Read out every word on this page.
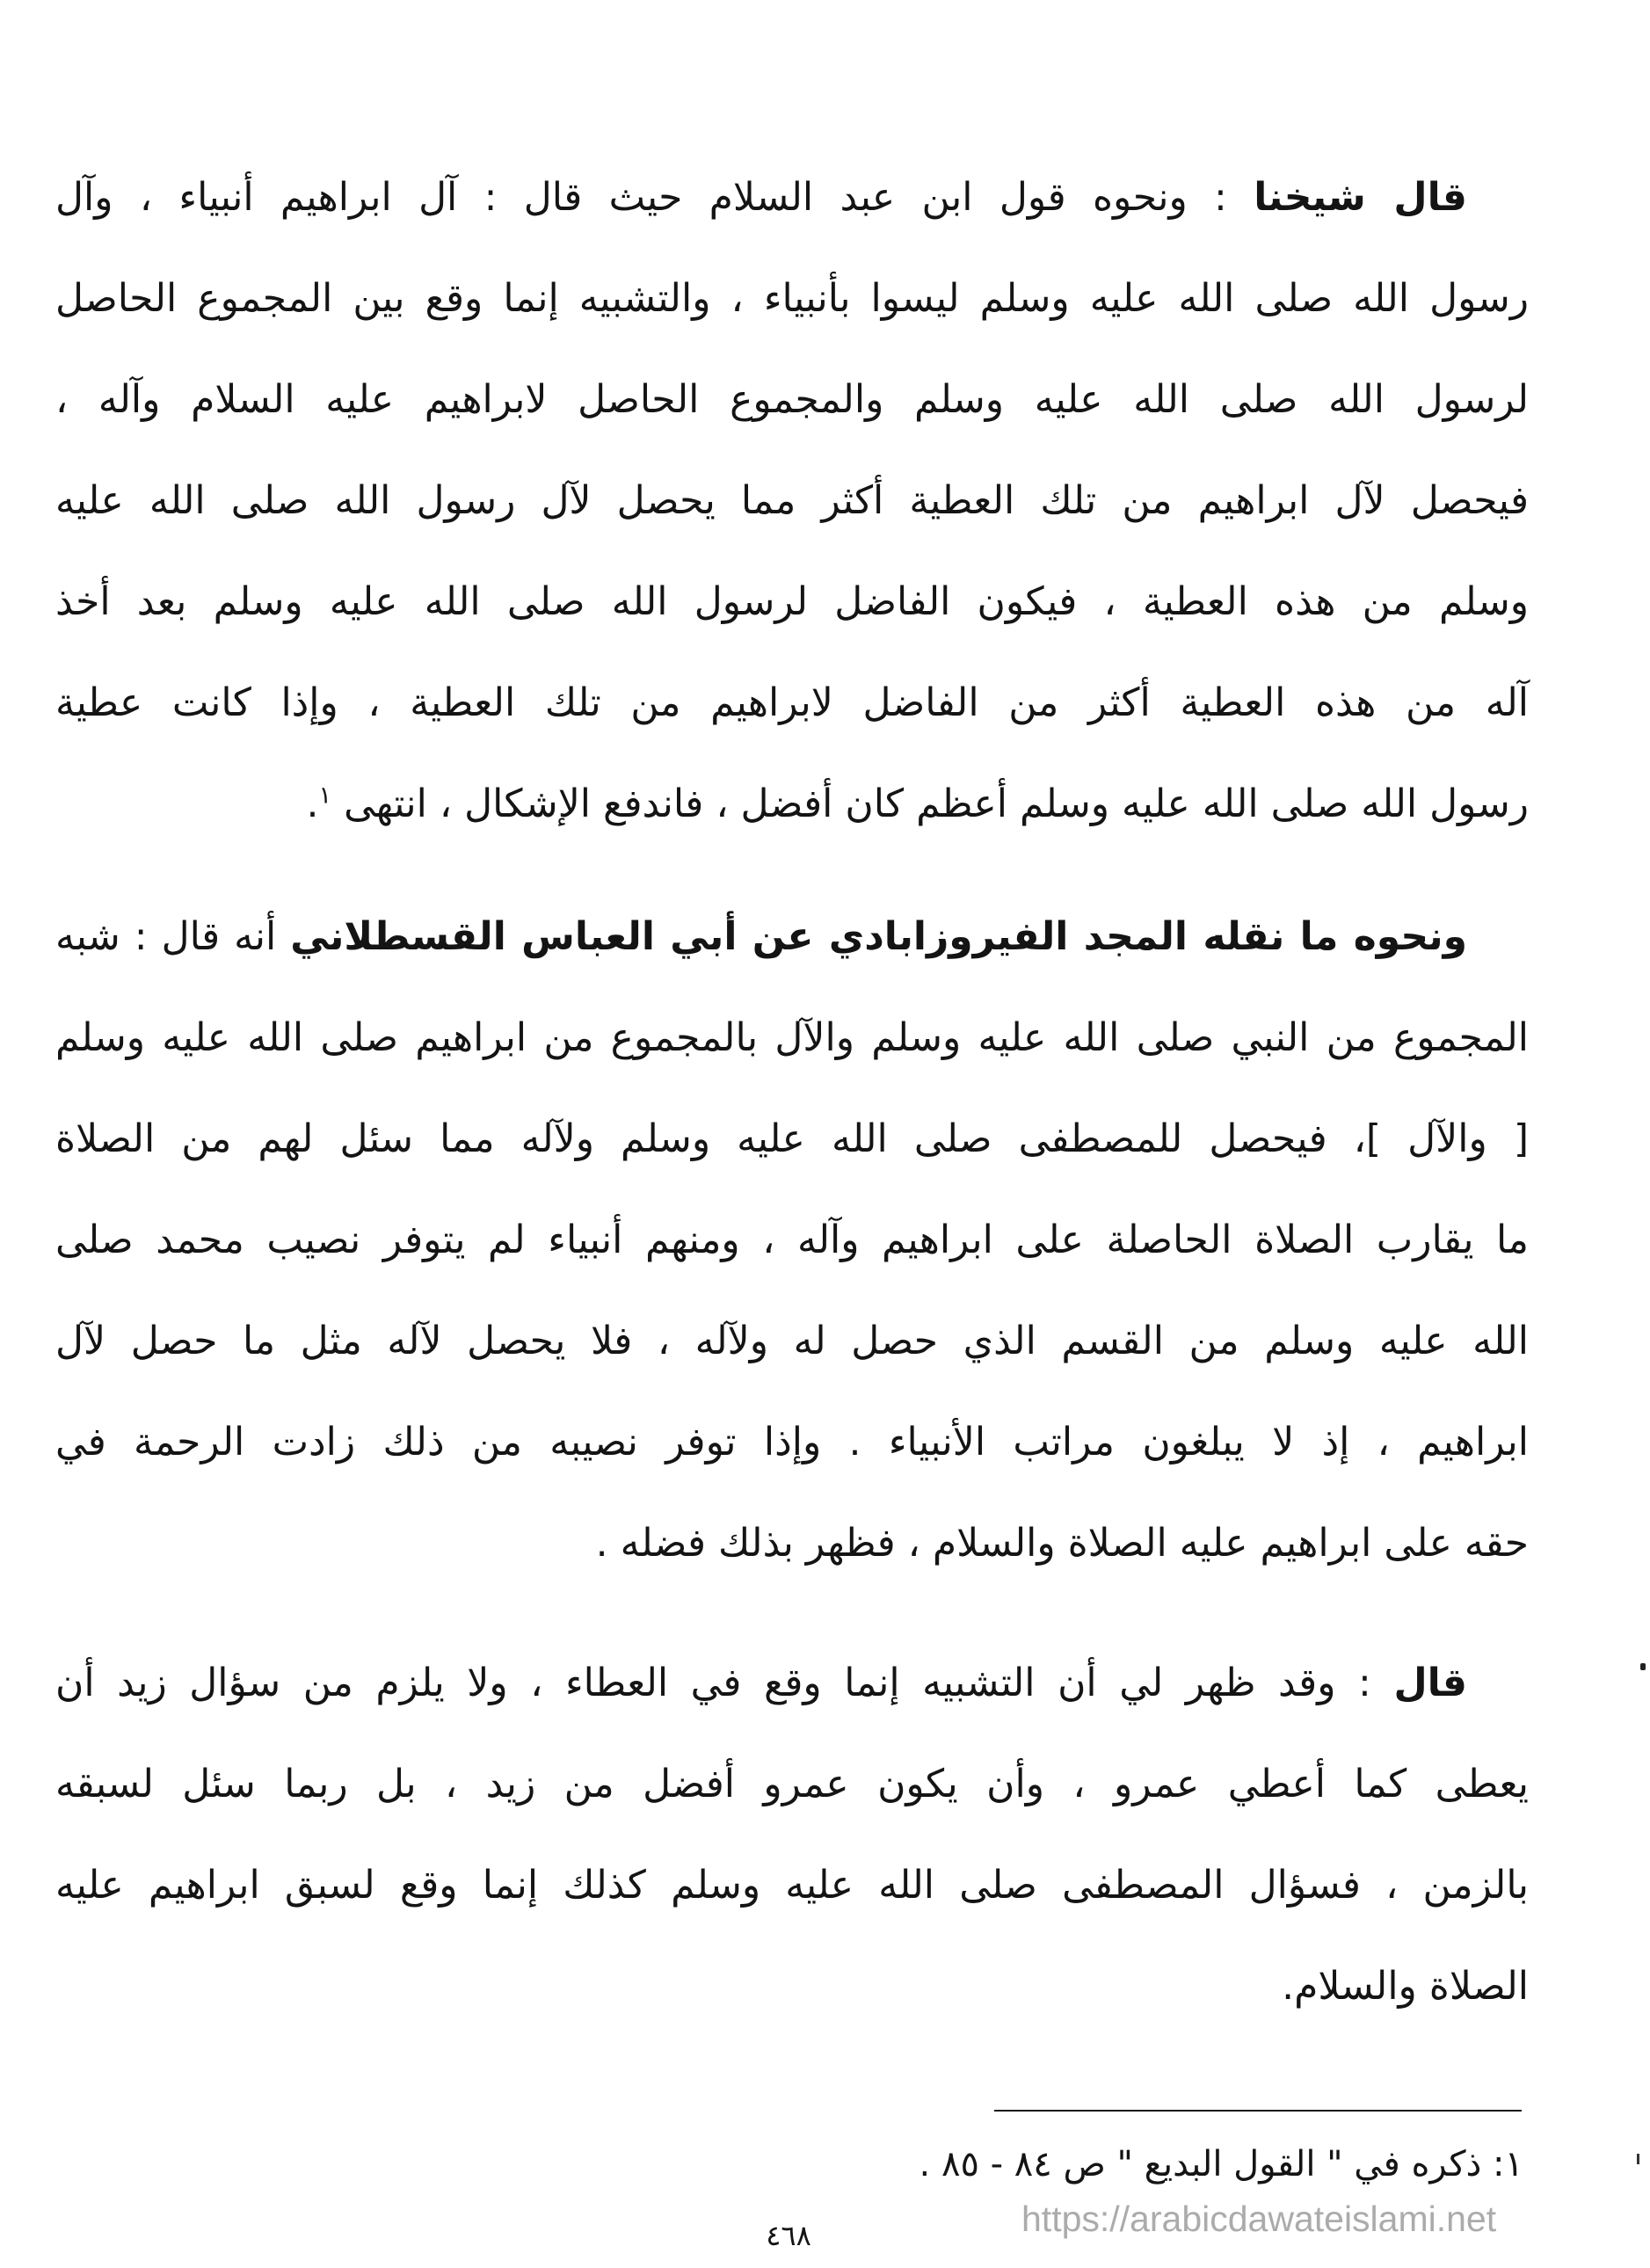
قال شيخنا : ونحوه قول ابن عبد السلام حيث قال : آل ابراهيم أنبياء ، وآل
رسول الله صلى الله عليه وسلم ليسوا بأنبياء ، والتشبيه إنما وقع بين المجموع الحاصل
لرسول الله صلى الله عليه وسلم والمجموع الحاصل لابراهيم عليه السلام وآله ،
فيحصل لآل ابراهيم من تلك العطية أكثر مما يحصل لآل رسول الله صلى الله عليه
وسلم من هذه العطية ، فيكون الفاضل لرسول الله صلى الله عليه وسلم بعد أخذ
آله من هذه العطية أكثر من الفاضل لابراهيم من تلك العطية ، وإذا كانت عطية
رسول الله صلى الله عليه وسلم أعظم كان أفضل ، فاندفع الإشكال ، انتهى $^١$.
ونحوه ما نقله المجد الفيروزابادي عن أبي العباس القسطلاني أنه قال : شبه
المجموع من النبي صلى الله عليه وسلم والآل بالمجموع من ابراهيم صلى الله عليه وسلم
[ والآل ]، فيحصل للمصطفى صلى الله عليه وسلم ولآله مما سئل لهم من الصلاة
ما يقارب الصلاة الحاصلة على ابراهيم وآله ، ومنهم أنبياء لم يتوفر نصيب محمد صلى
الله عليه وسلم من القسم الذي حصل له ولآله ، فلا يحصل لآله مثل ما حصل لآل
ابراهيم ، إذ لا يبلغون مراتب الأنبياء . وإذا توفر نصيبه من ذلك زادت الرحمة في
حقه على ابراهيم عليه الصلاة والسلام ، فظهر بذلك فضله .
قال : وقد ظهر لي أن التشبيه إنما وقع في العطاء ، ولا يلزم من سؤال زيد أن
يعطى كما أعطي عمرو ، وأن يكون عمرو أفضل من زيد ، بل ربما سئل لسبقه
بالزمن ، فسؤال المصطفى صلى الله عليه وسلم كذلك إنما وقع لسبق ابراهيم عليه
الصلاة والسلام.
١: ذكره في " القول البديع " ص ٨٤ - ٨٥ .
٤٦٨	https://arabicdawateislami.net
